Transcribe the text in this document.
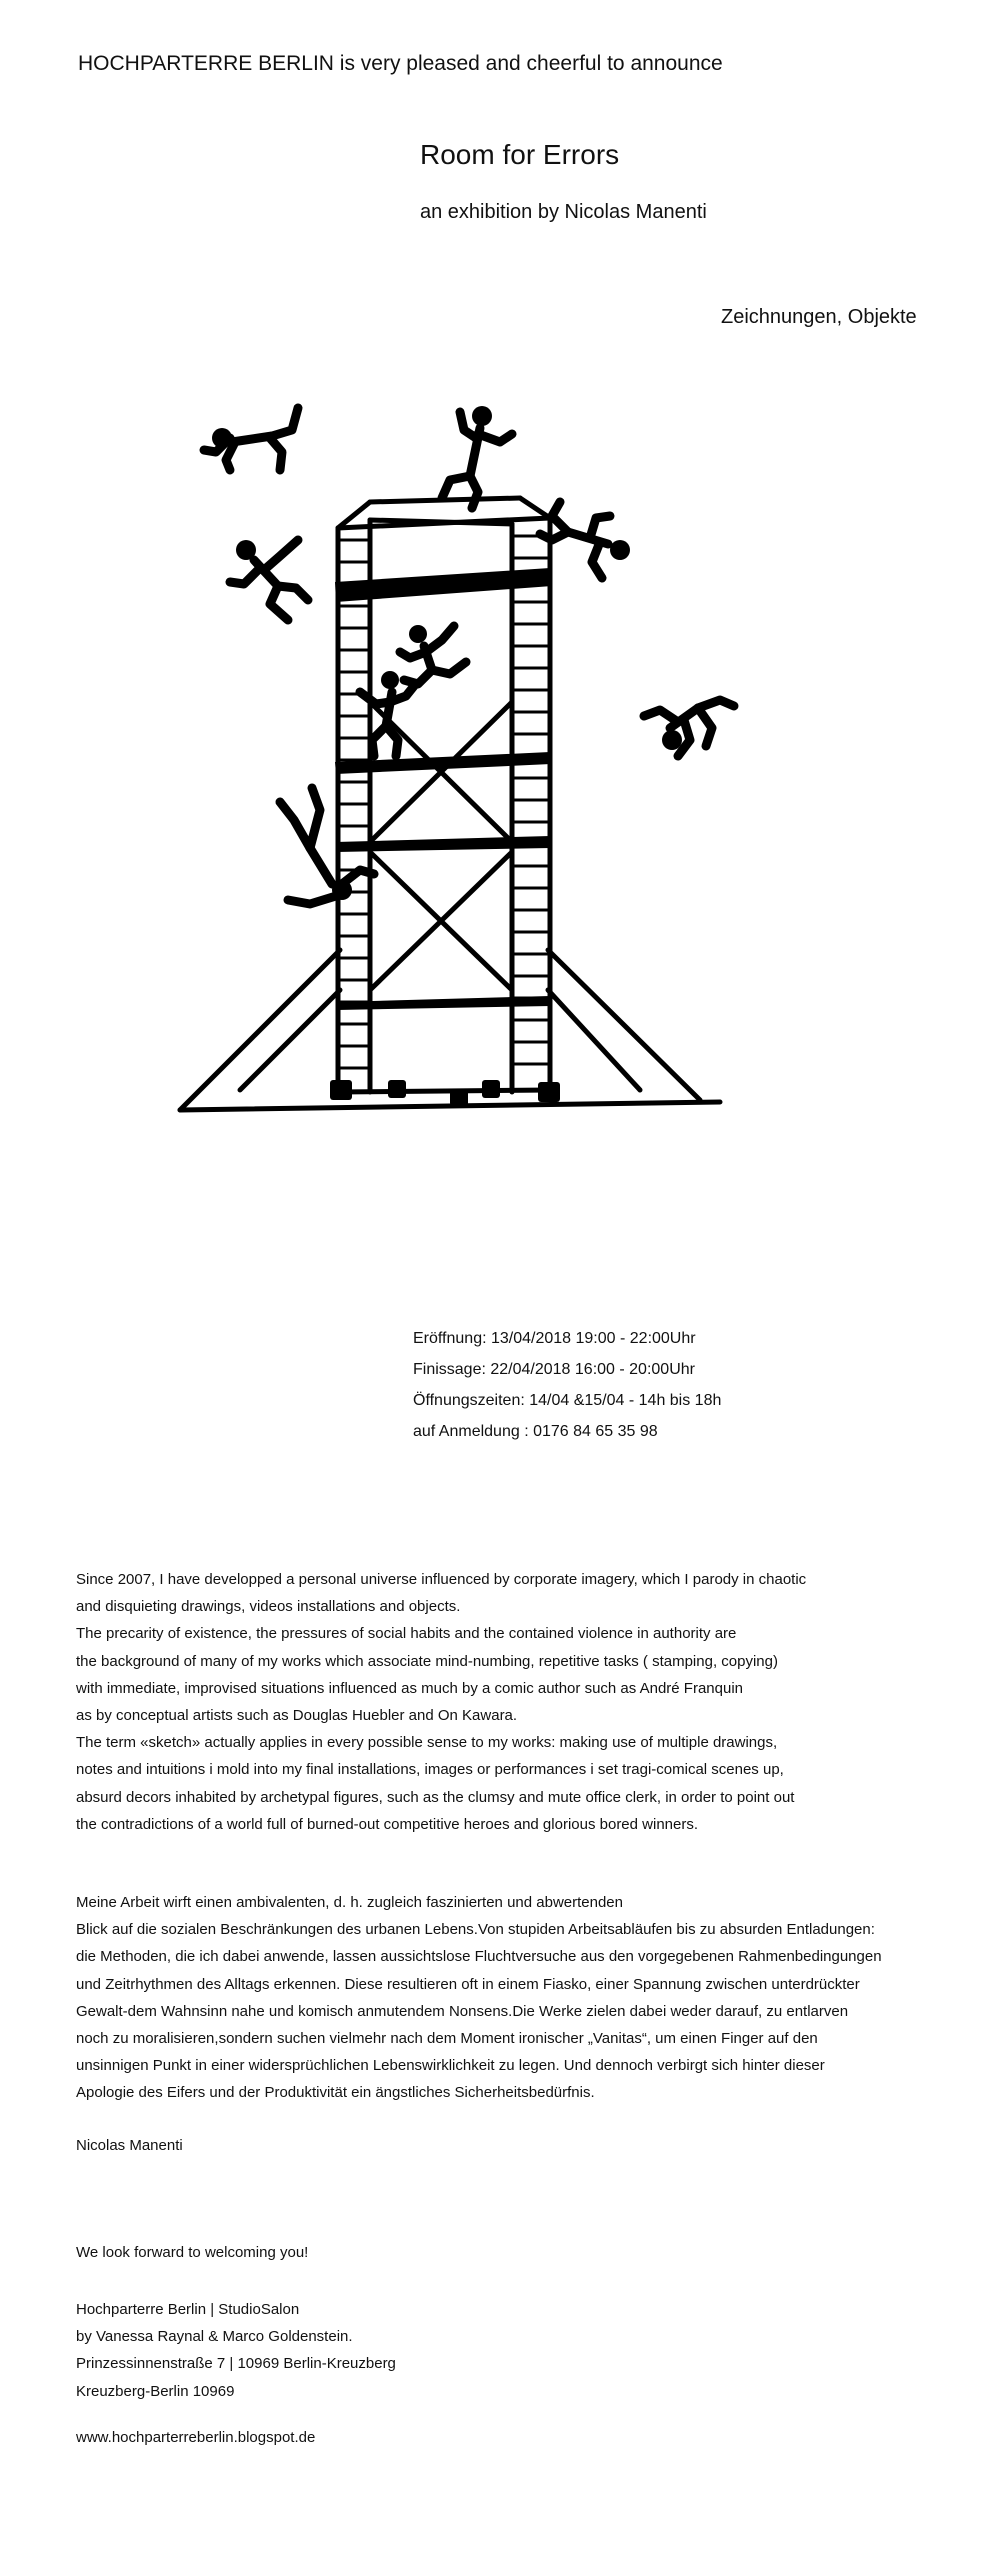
HOCHPARTERRE BERLIN is very pleased and cheerful to announce
Room for Errors
an exhibition by Nicolas Manenti
Zeichnungen, Objekte
Eröffnung: 13/04/2018 19:00 - 22:00Uhr
Finissage: 22/04/2018 16:00 - 20:00Uhr
Öffnungszeiten: 14/04 &15/04 - 14h bis 18h
auf Anmeldung : 0176 84 65 35 98
Since 2007, I have developped a personal universe influenced by corporate imagery, which I parody in chaotic
and disquieting drawings, videos installations and objects.
The precarity of existence, the pressures of social habits and the contained violence in authority are
the background of many of my works which associate mind-numbing, repetitive tasks ( stamping, copying)
with immediate, improvised situations influenced as much by a comic author such as André Franquin
as by conceptual artists such as Douglas Huebler and On Kawara.
The term «sketch» actually applies in every possible sense to my works: making use of multiple drawings,
notes and intuitions i mold into my final installations, images or performances i set tragi-comical scenes up,
absurd decors inhabited by archetypal figures, such as the clumsy and mute office clerk, in order to point out
the contradictions of a world full of burned-out competitive heroes and glorious bored winners.
Meine Arbeit wirft einen ambivalenten, d. h. zugleich faszinierten und abwertenden
Blick auf die sozialen Beschränkungen des urbanen Lebens.Von stupiden Arbeitsabläufen bis zu absurden Entladungen:
die Methoden, die ich dabei anwende, lassen aussichtslose Fluchtversuche aus den vorgegebenen Rahmenbedingungen
und Zeitrhythmen des Alltags erkennen. Diese resultieren oft in einem Fiasko, einer Spannung zwischen unterdrückter
Gewalt-dem Wahnsinn nahe und komisch anmutendem Nonsens.Die Werke zielen dabei weder darauf, zu entlarven
noch zu moralisieren,sondern suchen vielmehr nach dem Moment ironischer „Vanitas“, um einen Finger auf den
unsinnigen Punkt in einer widersprüchlichen Lebenswirklichkeit zu legen. Und dennoch verbirgt sich hinter dieser
Apologie des Eifers und der Produktivität ein ängstliches Sicherheitsbedürfnis.
Nicolas Manenti
We look forward to welcoming you!
Hochparterre Berlin | StudioSalon
by Vanessa Raynal & Marco Goldenstein.
Prinzessinnenstraße 7 | 10969 Berlin-Kreuzberg
Kreuzberg-Berlin 10969
www.hochparterreberlin.blogspot.de
